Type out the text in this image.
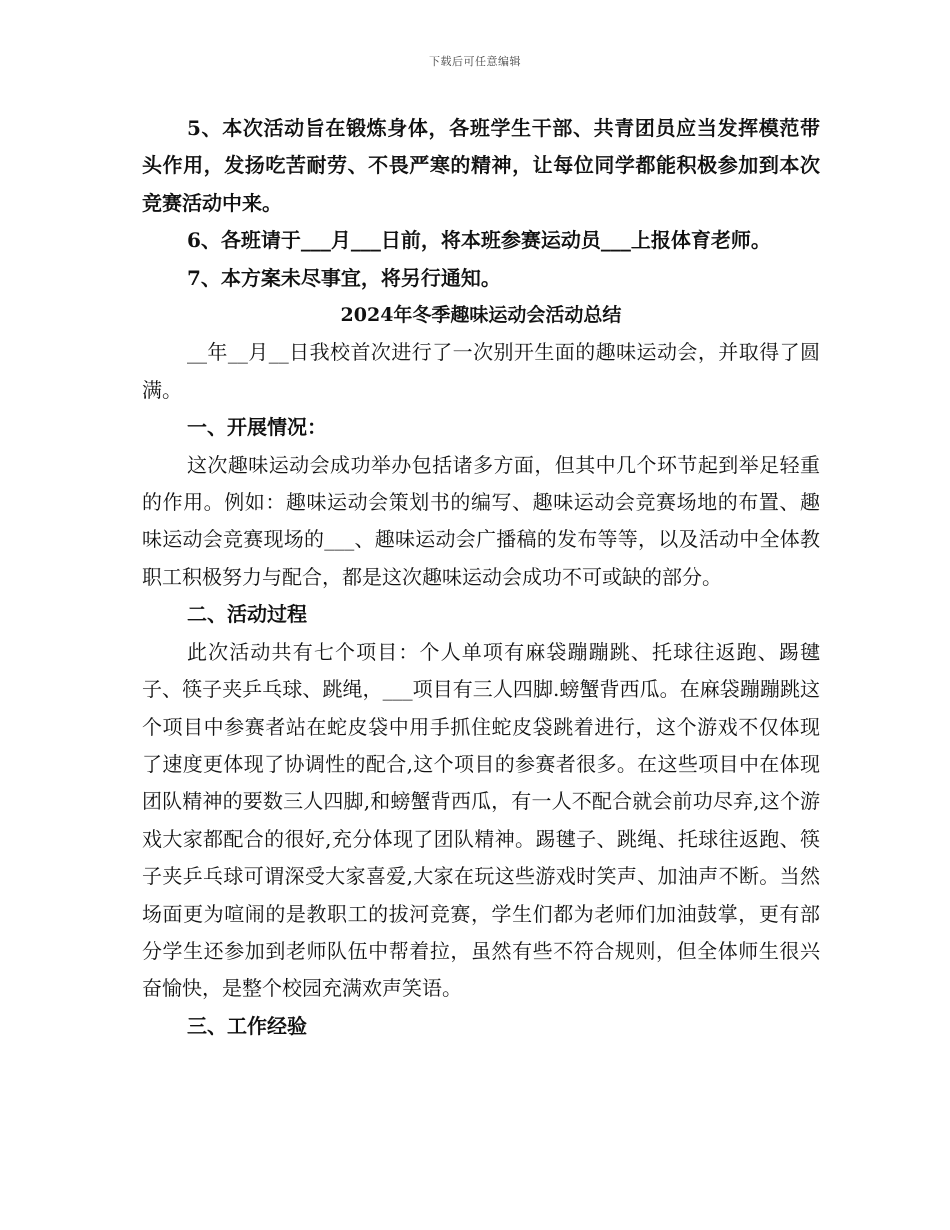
下载后可任意编辑

5、本次活动旨在锻炼身体，各班学生干部、共青团员应当发挥模范带头作用，发扬吃苦耐劳、不畏严寒的精神，让每位同学都能积极参加到本次竞赛活动中来。

6、各班请于___月___日前，将本班参赛运动员___上报体育老师。

7、本方案未尽事宜，将另行通知。

2024年冬季趣味运动会活动总结

__年__月__日我校首次进行了一次别开生面的趣味运动会，并取得了圆满。

一、开展情况：

这次趣味运动会成功举办包括诸多方面，但其中几个环节起到举足轻重的作用。例如：趣味运动会策划书的编写、趣味运动会竞赛场地的布置、趣味运动会竞赛现场的___、趣味运动会广播稿的发布等等，以及活动中全体教职工积极努力与配合，都是这次趣味运动会成功不可或缺的部分。

二、活动过程

此次活动共有七个项目：个人单项有麻袋蹦蹦跳、托球往返跑、踢毽子、筷子夹乒乓球、跳绳，___项目有三人四脚.螃蟹背西瓜。在麻袋蹦蹦跳这个项目中参赛者站在蛇皮袋中用手抓住蛇皮袋跳着进行，这个游戏不仅体现了速度更体现了协调性的配合,这个项目的参赛者很多。在这些项目中在体现团队精神的要数三人四脚,和螃蟹背西瓜，有一人不配合就会前功尽弃,这个游戏大家都配合的很好,充分体现了团队精神。踢毽子、跳绳、托球往返跑、筷子夹乒乓球可谓深受大家喜爱,大家在玩这些游戏时笑声、加油声不断。当然场面更为喧闹的是教职工的拔河竞赛，学生们都为老师们加油鼓掌，更有部分学生还参加到老师队伍中帮着拉，虽然有些不符合规则，但全体师生很兴奋愉快，是整个校园充满欢声笑语。

三、工作经验
